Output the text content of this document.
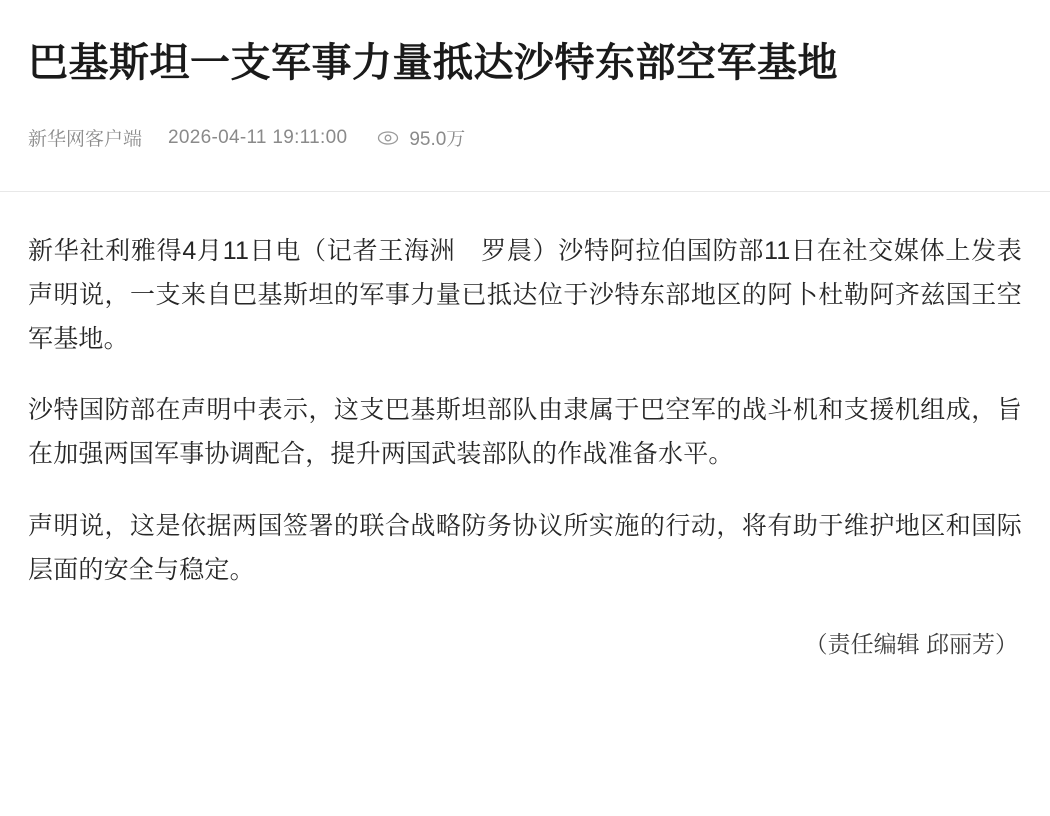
巴基斯坦一支军事力量抵达沙特东部空军基地
新华网客户端 2026-04-11 19:11:00	95.0万

新华社利雅得4月11日电（记者王海洲　罗晨）沙特阿拉伯国防部11日在社交媒体上发表声明说，一支来自巴基斯坦的军事力量已抵达位于沙特东部地区的阿卜杜勒阿齐兹国王空军基地。

沙特国防部在声明中表示，这支巴基斯坦部队由隶属于巴空军的战斗机和支援机组成，旨在加强两国军事协调配合，提升两国武装部队的作战准备水平。

声明说，这是依据两国签署的联合战略防务协议所实施的行动，将有助于维护地区和国际层面的安全与稳定。

（责任编辑 邱丽芳）
